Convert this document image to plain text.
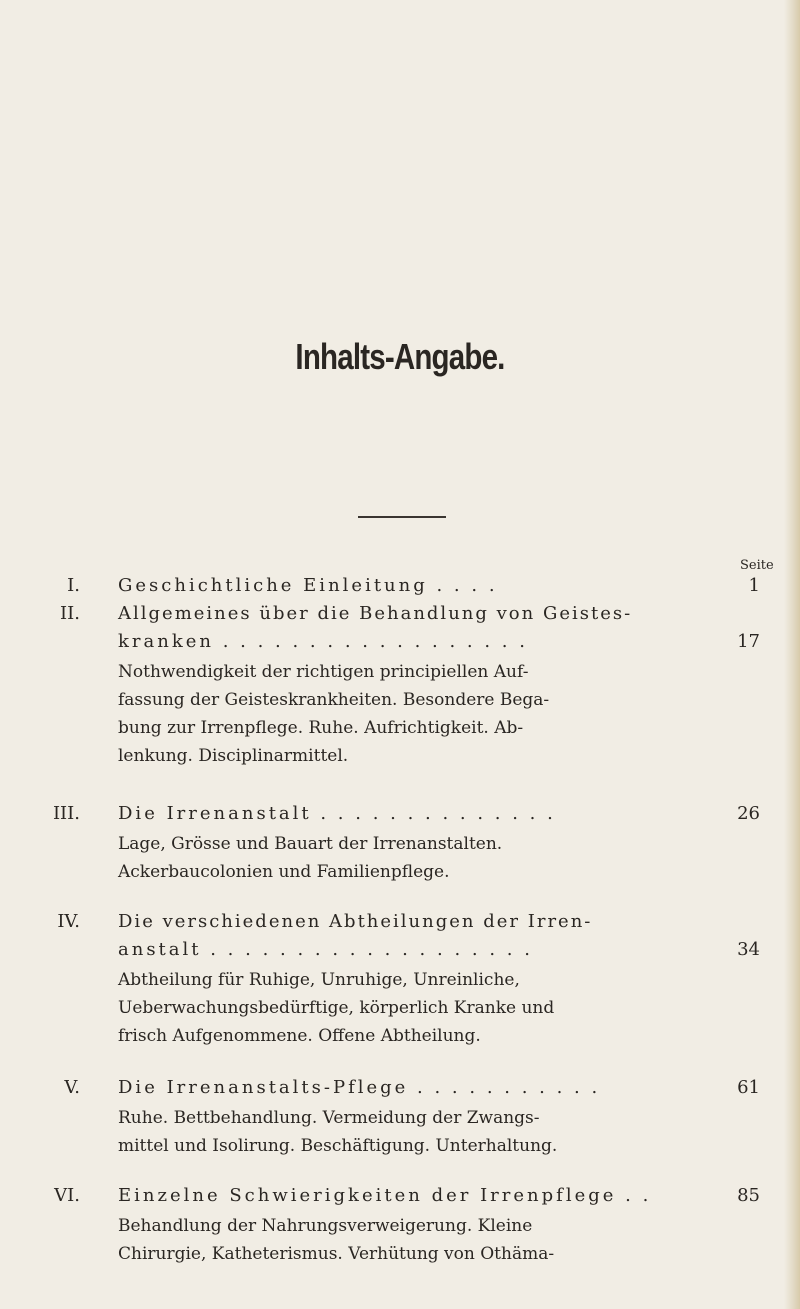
Inhalts-Angabe.
Seite
I. Geschichtliche Einleitung . . . .	1
II. Allgemeines über die Behandlung von Geistes-
kranken . . . . . . . . . . . . . . . . . .	17
Nothwendigkeit der richtigen principiellen Auf-
fassung der Geisteskrankheiten. Besondere Bega-
bung zur Irrenpflege. Ruhe. Aufrichtigkeit. Ab-
lenkung. Disciplinarmittel.
III. Die Irrenanstalt . . . . . . . . . . . . . .	26
Lage, Grösse und Bauart der Irrenanstalten.
Ackerbaucolonien und Familienpflege.
IV. Die verschiedenen Abtheilungen der Irren-
anstalt . . . . . . . . . . . . . . . . . . .	34
Abtheilung für Ruhige, Unruhige, Unreinliche,
Ueberwachungsbedürftige, körperlich Kranke und
frisch Aufgenommene. Offene Abtheilung.
V. Die Irrenanstalts-Pflege . . . . . . . . . . .	61
Ruhe. Bettbehandlung. Vermeidung der Zwangs-
mittel und Isolirung. Beschäftigung. Unterhaltung.
VI. Einzelne Schwierigkeiten der Irrenpflege . .	85
Behandlung der Nahrungsverweigerung. Kleine
Chirurgie, Katheterismus. Verhütung von Othäma-
